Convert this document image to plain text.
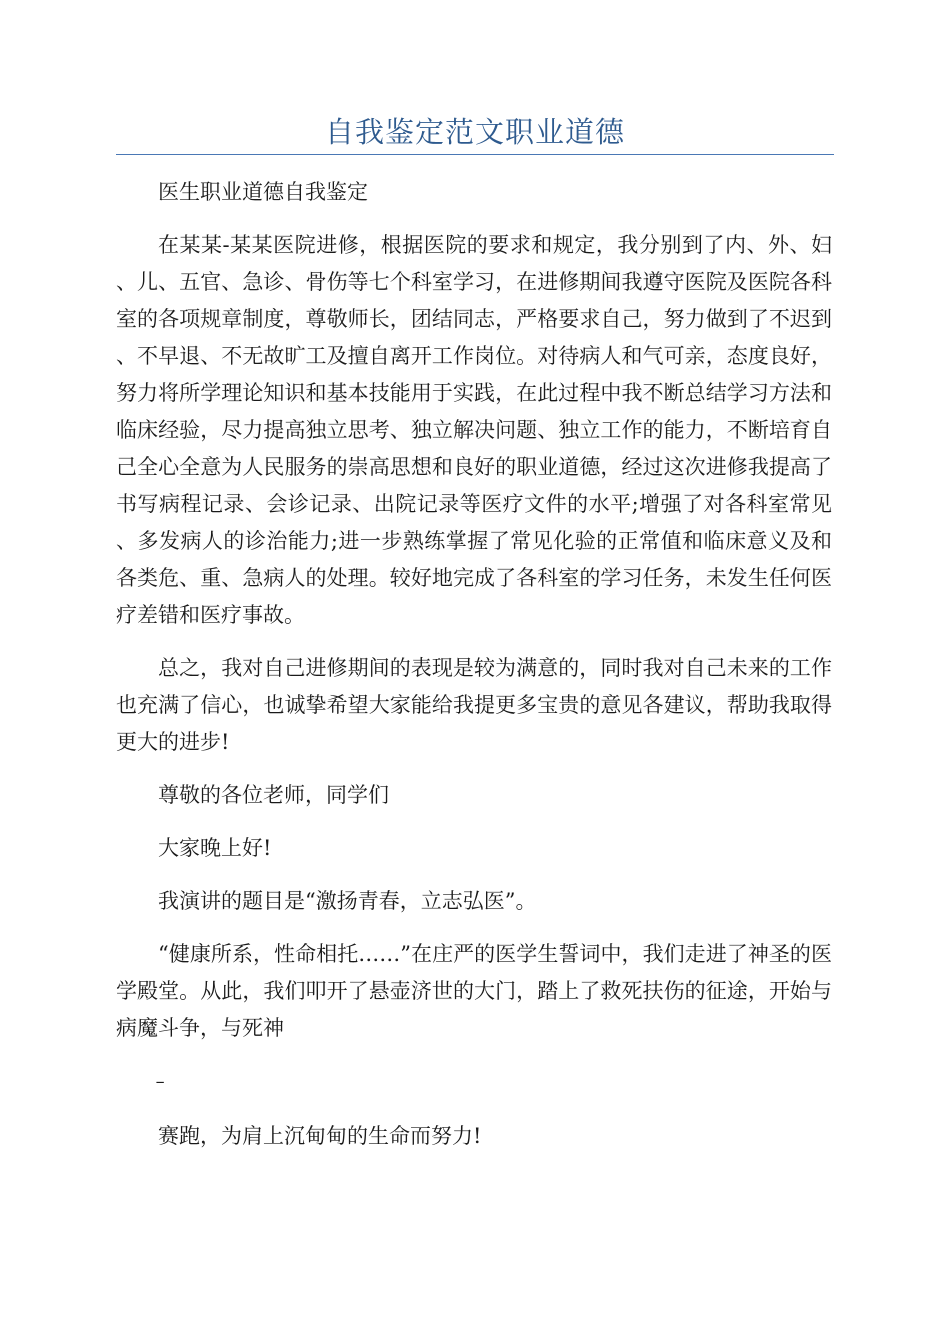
自我鉴定范文职业道德

医生职业道德自我鉴定

在某某-某某医院进修，根据医院的要求和规定，我分别到了内、外、妇、儿、五官、急诊、骨伤等七个科室学习，在进修期间我遵守医院及医院各科室的各项规章制度，尊敬师长，团结同志，严格要求自己，努力做到了不迟到、不早退、不无故旷工及擅自离开工作岗位。对待病人和气可亲，态度良好，努力将所学理论知识和基本技能用于实践，在此过程中我不断总结学习方法和临床经验，尽力提高独立思考、独立解决问题、独立工作的能力，不断培育自己全心全意为人民服务的崇高思想和良好的职业道德，经过这次进修我提高了书写病程记录、会诊记录、出院记录等医疗文件的水平;增强了对各科室常见、多发病人的诊治能力;进一步熟练掌握了常见化验的正常值和临床意义及和各类危、重、急病人的处理。较好地完成了各科室的学习任务，未发生任何医疗差错和医疗事故。

总之，我对自己进修期间的表现是较为满意的，同时我对自己未来的工作也充满了信心，也诚挚希望大家能给我提更多宝贵的意见各建议，帮助我取得更大的进步!

尊敬的各位老师，同学们

大家晚上好!

我演讲的题目是“激扬青春，立志弘医”。

“健康所系，性命相托……”在庄严的医学生誓词中，我们走进了神圣的医学殿堂。从此，我们叩开了悬壶济世的大门，踏上了救死扶伤的征途，开始与病魔斗争，与死神

–

赛跑，为肩上沉甸甸的生命而努力!
